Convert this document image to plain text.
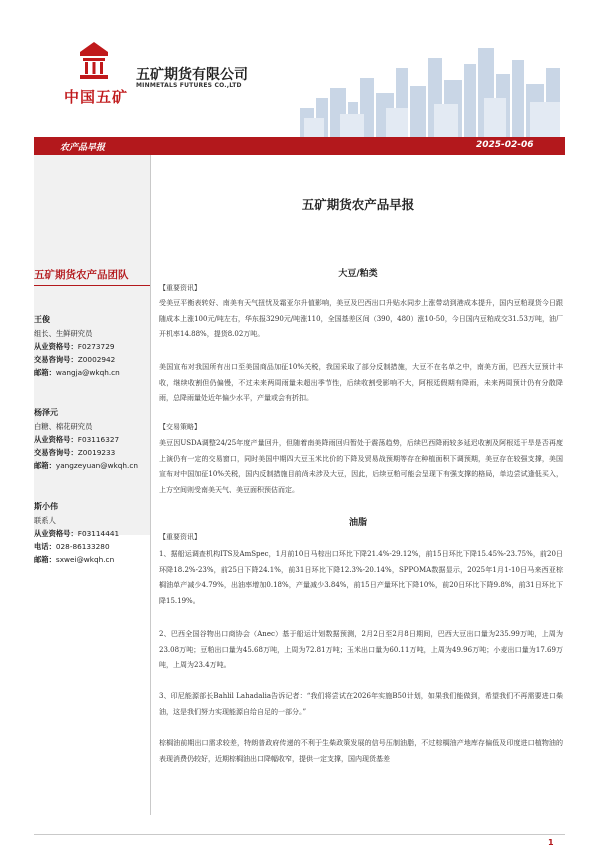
中国五矿
五矿期货有限公司
MINMETALS FUTURES CO.,LTD
农产品早报	2025-02-06
五矿期货农产品早报
五矿期货农产品团队
王俊
组长、生鲜研究员
从业资格号：F0273729
交易咨询号：Z0002942
邮箱：wangja@wkqh.cn
杨泽元
白糖、棉花研究员
从业资格号：F03116327
交易咨询号：Z0019233
邮箱：yangzeyuan@wkqh.cn
斯小伟
联系人
从业资格号：F03114441
电话：028-86133280
邮箱：sxwei@wkqh.cn
大豆/粕类
【重要资讯】

受美豆平衡表转好、南美有天气扭忧及霜亚尔升值影响，美豆及巴西出口升贴水同步上涨带动到港成本提升，国内豆粕现货今日跟随成本上涨100元/吨左右，华东报3290元/吨涨110，全国基差区间（390，480）涨10-50，今日国内豆粕成交31.53万吨，油厂开机率14.88%，提货8.02万吨。

美国宣布对我国所有出口至美国商品加征10%关税，我国采取了部分反制措施，大豆不在名单之中，南美方面，巴西大豆预计丰收，继续收割但仍偏慢，不过未来两周雨量未超出季节性，后续收割受影响不大，阿根廷假期有降雨，未来两周预计仍有分散降雨，总降雨量处近年偏少水平，产量或会有折扣。

【交易策略】

美豆因USDA调整24/25年度产量回升，但随着南美降雨回归暂处于震荡趋势，后续巴西降雨较多延迟收割及阿根廷干旱是否再度上演仍有一定的交易窗口，同时美国中期四大豆玉米比价的下降及贸易战预期等存在种植面积下调预期，美豆存在较强支撑，美国宣布对中国加征10%关税，国内反制措施目前尚未涉及大豆，因此，后续豆粕可能会呈现下有强支撑的格局，单边尝试逢低买入，上方空间则受南美天气、美豆面积预估而定。

油脂
【重要资讯】

1、据船运调查机构ITS及AmSpec，1月前10日马棕出口环比下降21.4%-29.12%，前15日环比下降15.45%-23.75%，前20日环降18.2%-23%，前25日下降24.1%，前31日环比下降12.3%-20.14%，SPPOMA数据显示，2025年1月1-10日马来西亚棕榈油单产减少4.79%，出油率增加0.18%，产量减少3.84%，前15日产量环比下降10%，前20日环比下降9.8%，前31日环比下降15.19%。

2、巴西全国谷物出口商协会（Anec）基于船运计划数据预测，2月2日至2月8日期间，巴西大豆出口量为235.99万吨，上周为23.08万吨；豆粕出口量为45.68万吨，上周为72.81万吨；玉米出口量为60.11万吨，上周为49.96万吨；小麦出口量为17.69万吨，上周为23.4万吨。

3、印尼能源部长Bahlil Lahadalia告诉记者：“我们将尝试在2026年实施B50计划，如果我们能做到，希望我们不再需要进口柴油，这是我们努力实现能源自给自足的一部分。”

棕榈油前期出口需求较差，特朗普政府传递的不利于生柴政策发展的信号压制油脂，不过棕榈油产地库存偏低及印度进口植物油的表现消费仍较好，近期棕榈油出口降幅收窄，提供一定支撑，国内现货基差

1
